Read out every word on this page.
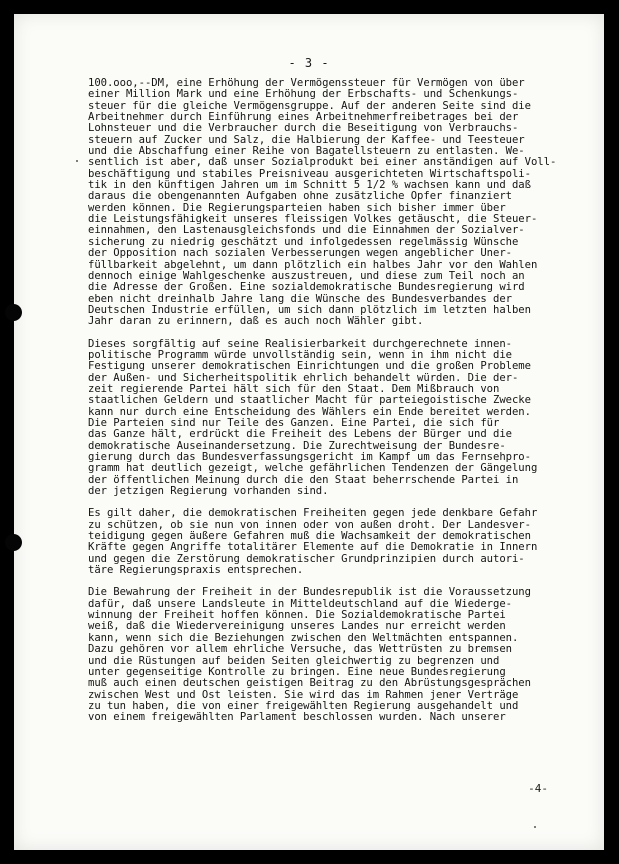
- 3 -

100.ooo,--DM, eine Erhöhung der Vermögenssteuer für Vermögen von über
einer Million Mark und eine Erhöhung der Erbschafts- und Schenkungs-
steuer für die gleiche Vermögensgruppe. Auf der anderen Seite sind die
Arbeitnehmer durch Einführung eines Arbeitnehmerfreibetrages bei der
Lohnsteuer und die Verbraucher durch die Beseitigung von Verbrauchs-
steuern auf Zucker und Salz, die Halbierung der Kaffee- und Teesteuer
und die Abschaffung einer Reihe von Bagatellsteuern zu entlasten. We-
sentlich ist aber, daß unser Sozialprodukt bei einer anständigen auf Voll-
beschäftigung und stabiles Preisniveau ausgerichteten Wirtschaftspoli-
tik in den künftigen Jahren um im Schnitt 5 1/2 % wachsen kann und daß
daraus die obengenannten Aufgaben ohne zusätzliche Opfer finanziert
werden können. Die Regierungsparteien haben sich bisher immer über
die Leistungsfähigkeit unseres fleissigen Volkes getäuscht, die Steuer-
einnahmen, den Lastenausgleichsfonds und die Einnahmen der Sozialver-
sicherung zu niedrig geschätzt und infolgedessen regelmässig Wünsche
der Opposition nach sozialen Verbesserungen wegen angeblicher Uner-
füllbarkeit abgelehnt, um dann plötzlich ein halbes Jahr vor den Wahlen
dennoch einige Wahlgeschenke auszustreuen, und diese zum Teil noch an
die Adresse der Großen. Eine sozialdemokratische Bundesregierung wird
eben nicht dreinhalb Jahre lang die Wünsche des Bundesverbandes der
Deutschen Industrie erfüllen, um sich dann plötzlich im letzten halben
Jahr daran zu erinnern, daß es auch noch Wähler gibt.

Dieses sorgfältig auf seine Realisierbarkeit durchgerechnete innen-
politische Programm würde unvollständig sein, wenn in ihm nicht die
Festigung unserer demokratischen Einrichtungen und die großen Probleme
der Außen- und Sicherheitspolitik ehrlich behandelt würden. Die der-
zeit regierende Partei hält sich für den Staat. Dem Mißbrauch von
staatlichen Geldern und staatlicher Macht für parteiegoistische Zwecke
kann nur durch eine Entscheidung des Wählers ein Ende bereitet werden.
Die Parteien sind nur Teile des Ganzen. Eine Partei, die sich für
das Ganze hält, erdrückt die Freiheit des Lebens der Bürger und die
demokratische Auseinandersetzung. Die Zurechtweisung der Bundesre-
gierung durch das Bundesverfassungsgericht im Kampf um das Fernsehpro-
gramm hat deutlich gezeigt, welche gefährlichen Tendenzen der Gängelung
der öffentlichen Meinung durch die den Staat beherrschende Partei in
der jetzigen Regierung vorhanden sind.

Es gilt daher, die demokratischen Freiheiten gegen jede denkbare Gefahr
zu schützen, ob sie nun von innen oder von außen droht. Der Landesver-
teidigung gegen äußere Gefahren muß die Wachsamkeit der demokratischen
Kräfte gegen Angriffe totalitärer Elemente auf die Demokratie in Innern
und gegen die Zerstörung demokratischer Grundprinzipien durch autori-
täre Regierungspraxis entsprechen.

Die Bewahrung der Freiheit in der Bundesrepublik ist die Voraussetzung
dafür, daß unsere Landsleute in Mitteldeutschland auf die Wiederge-
winnung der Freiheit hoffen können. Die Sozialdemokratische Partei
weiß, daß die Wiedervereinigung unseres Landes nur erreicht werden
kann, wenn sich die Beziehungen zwischen den Weltmächten entspannen.
Dazu gehören vor allem ehrliche Versuche, das Wettrüsten zu bremsen
und die Rüstungen auf beiden Seiten gleichwertig zu begrenzen und
unter gegenseitige Kontrolle zu bringen. Eine neue Bundesregierung
muß auch einen deutschen geistigen Beitrag zu den Abrüstungsgesprächen
zwischen West und Ost leisten. Sie wird das im Rahmen jener Verträge
zu tun haben, die von einer freigewählten Regierung ausgehandelt und
von einem freigewählten Parlament beschlossen wurden. Nach unserer

-4-
